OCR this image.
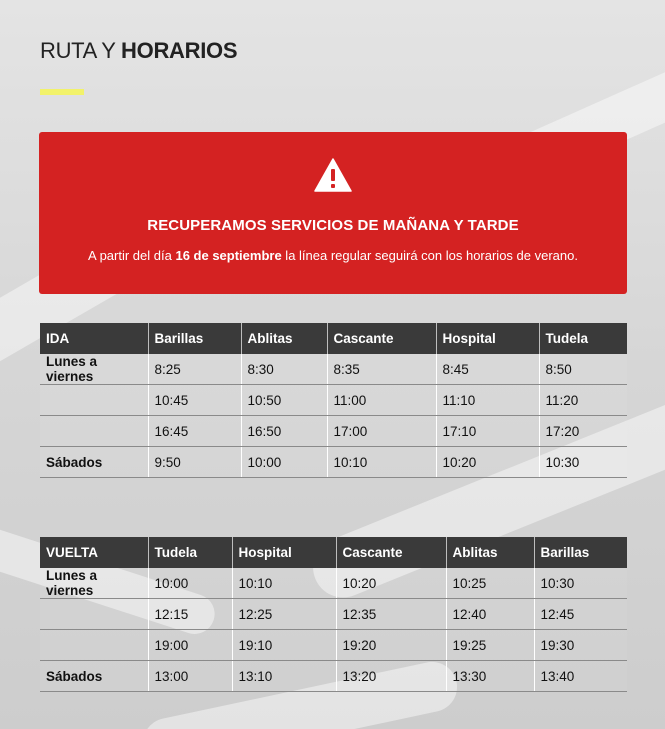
RUTA Y HORARIOS
RECUPERAMOS SERVICIOS DE MAÑANA Y TARDE
A partir del día 16 de septiembre la línea regular seguirá con los horarios de verano.
IDA	Barillas	Ablitas	Cascante	Hospital	Tudela
Lunes a viernes	8:25	8:30	8:35	8:45	8:50
	10:45	10:50	11:00	11:10	11:20
	16:45	16:50	17:00	17:10	17:20
Sábados	9:50	10:00	10:10	10:20	10:30
VUELTA	Tudela	Hospital	Cascante	Ablitas	Barillas
Lunes a viernes	10:00	10:10	10:20	10:25	10:30
	12:15	12:25	12:35	12:40	12:45
	19:00	19:10	19:20	19:25	19:30
Sábados	13:00	13:10	13:20	13:30	13:40
